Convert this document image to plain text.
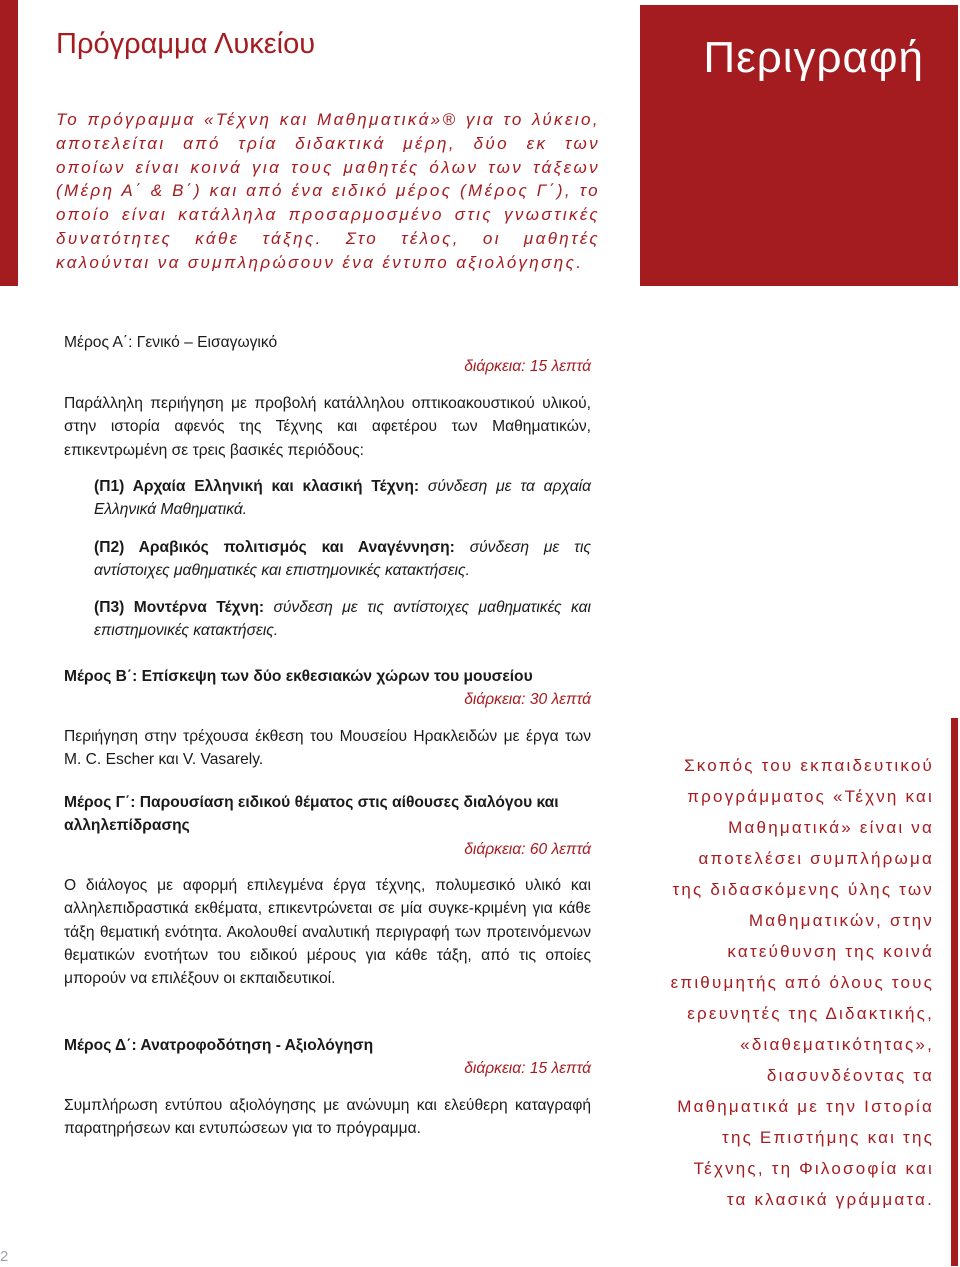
Πρόγραμμα Λυκείου	Περιγραφή
Το πρόγραμμα «Τέχνη και Μαθηματικά»® για το λύκειο, αποτελείται από τρία διδακτικά μέρη, δύο εκ των οποίων είναι κοινά για τους μαθητές όλων των τάξεων (Μέρη Α΄ & Β΄) και από ένα ειδικό μέρος (Μέρος Γ΄), το οποίο είναι κατάλληλα προσαρμοσμένο στις γνωστικές δυνατότητες κάθε τάξης. Στο τέλος, οι μαθητές καλούνται να συμπληρώσουν ένα έντυπο αξιολόγησης.
Μέρος Α΄: Γενικό – Εισαγωγικό
διάρκεια: 15 λεπτά
Παράλληλη περιήγηση με προβολή κατάλληλου οπτικοακουστικού υλικού, στην ιστορία αφενός της Τέχνης και αφετέρου των Μαθηματικών, επικεντρωμένη σε τρεις βασικές περιόδους:
(Π1) Αρχαία Ελληνική και κλασική Τέχνη: σύνδεση με τα αρχαία Ελληνικά Μαθηματικά.
(Π2) Αραβικός πολιτισμός και Αναγέννηση: σύνδεση με τις αντίστοιχες μαθηματικές και επιστημονικές κατακτήσεις.
(Π3) Μοντέρνα Τέχνη: σύνδεση με τις αντίστοιχες μαθηματικές και επιστημονικές κατακτήσεις.
Μέρος Β΄: Επίσκεψη των δύο εκθεσιακών χώρων του μουσείου
διάρκεια: 30 λεπτά
Περιήγηση στην τρέχουσα έκθεση του Μουσείου Ηρακλειδών με έργα των M. C. Escher και V. Vasarely.
Μέρος Γ΄: Παρουσίαση ειδικού θέματος στις αίθουσες διαλόγου και αλληλεπίδρασης
διάρκεια: 60 λεπτά
Ο διάλογος με αφορμή επιλεγμένα έργα τέχνης, πολυμεσικό υλικό και αλληλεπιδραστικά εκθέματα, επικεντρώνεται σε μία συγκε-κριμένη για κάθε τάξη θεματική ενότητα. Ακολουθεί αναλυτική περιγραφή των προτεινόμενων θεματικών ενοτήτων του ειδικού μέρους για κάθε τάξη, από τις οποίες μπορούν να επιλέξουν οι εκπαιδευτικοί.
Μέρος Δ΄: Ανατροφοδότηση - Αξιολόγηση
διάρκεια: 15 λεπτά
Συμπλήρωση εντύπου αξιολόγησης με ανώνυμη και ελεύθερη καταγραφή παρατηρήσεων και εντυπώσεων για το πρόγραμμα.
Σκοπός του εκπαιδευτικού
προγράμματος «Τέχνη και
Μαθηματικά» είναι να
αποτελέσει συμπλήρωμα
της διδασκόμενης ύλης των
Μαθηματικών, στην
κατεύθυνση της κοινά
επιθυμητής από όλους τους
ερευνητές της Διδακτικής,
«διαθεματικότητας»,
διασυνδέοντας τα
Μαθηματικά με την Ιστορία
της Επιστήμης και της
Τέχνης, τη Φιλοσοφία και
τα κλασικά γράμματα.
2
